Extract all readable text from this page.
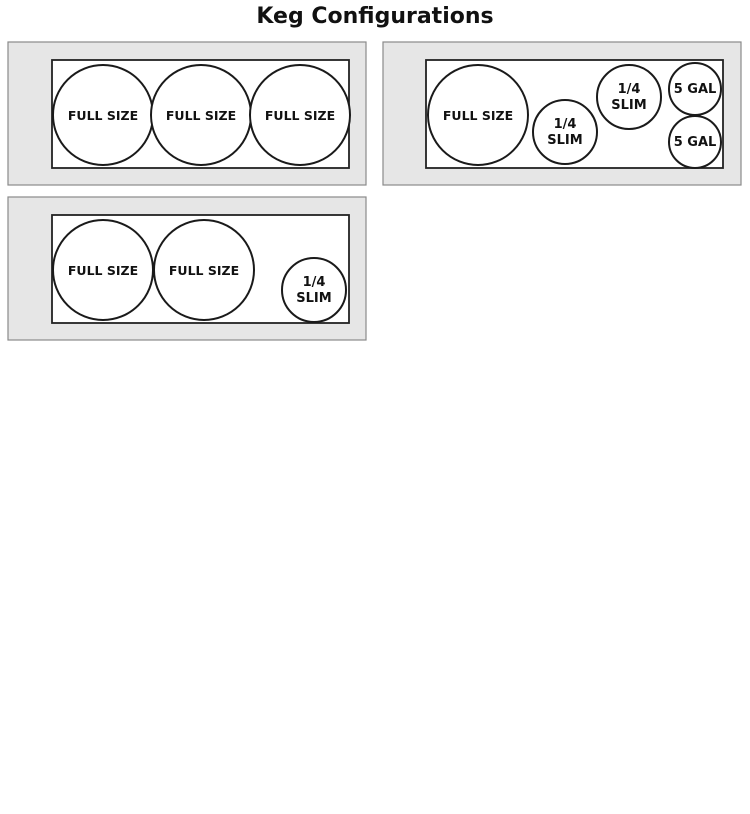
FULL SIZE FULL SIZE FULL SIZE	FULL SIZE
1/4 SLIM
1/4 SLIM
5 GAL
5 GAL
FULL SIZE FULL SIZE
1/4 SLIM
Keg Configurations
